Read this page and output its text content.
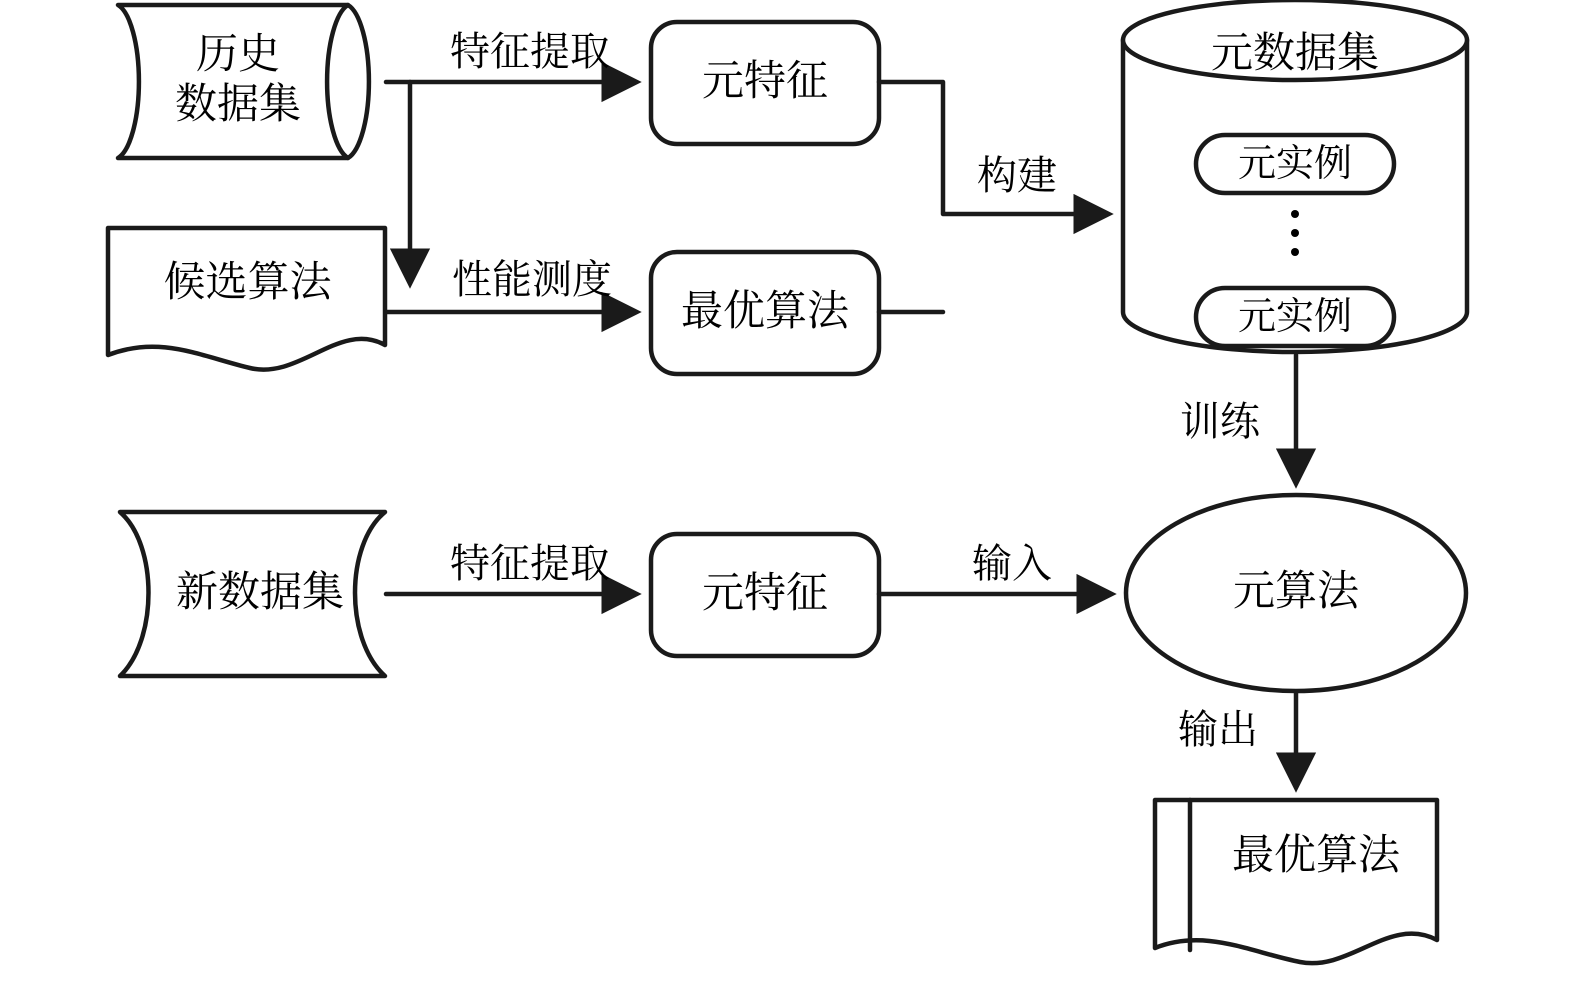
历史
数据集
候选算法
元特征
最优算法
元数据集
元实例
元实例
新数据集	元特征	元算法
最优算法
特征提取
性能测度
构建
训练
特征提取	输入
输出
